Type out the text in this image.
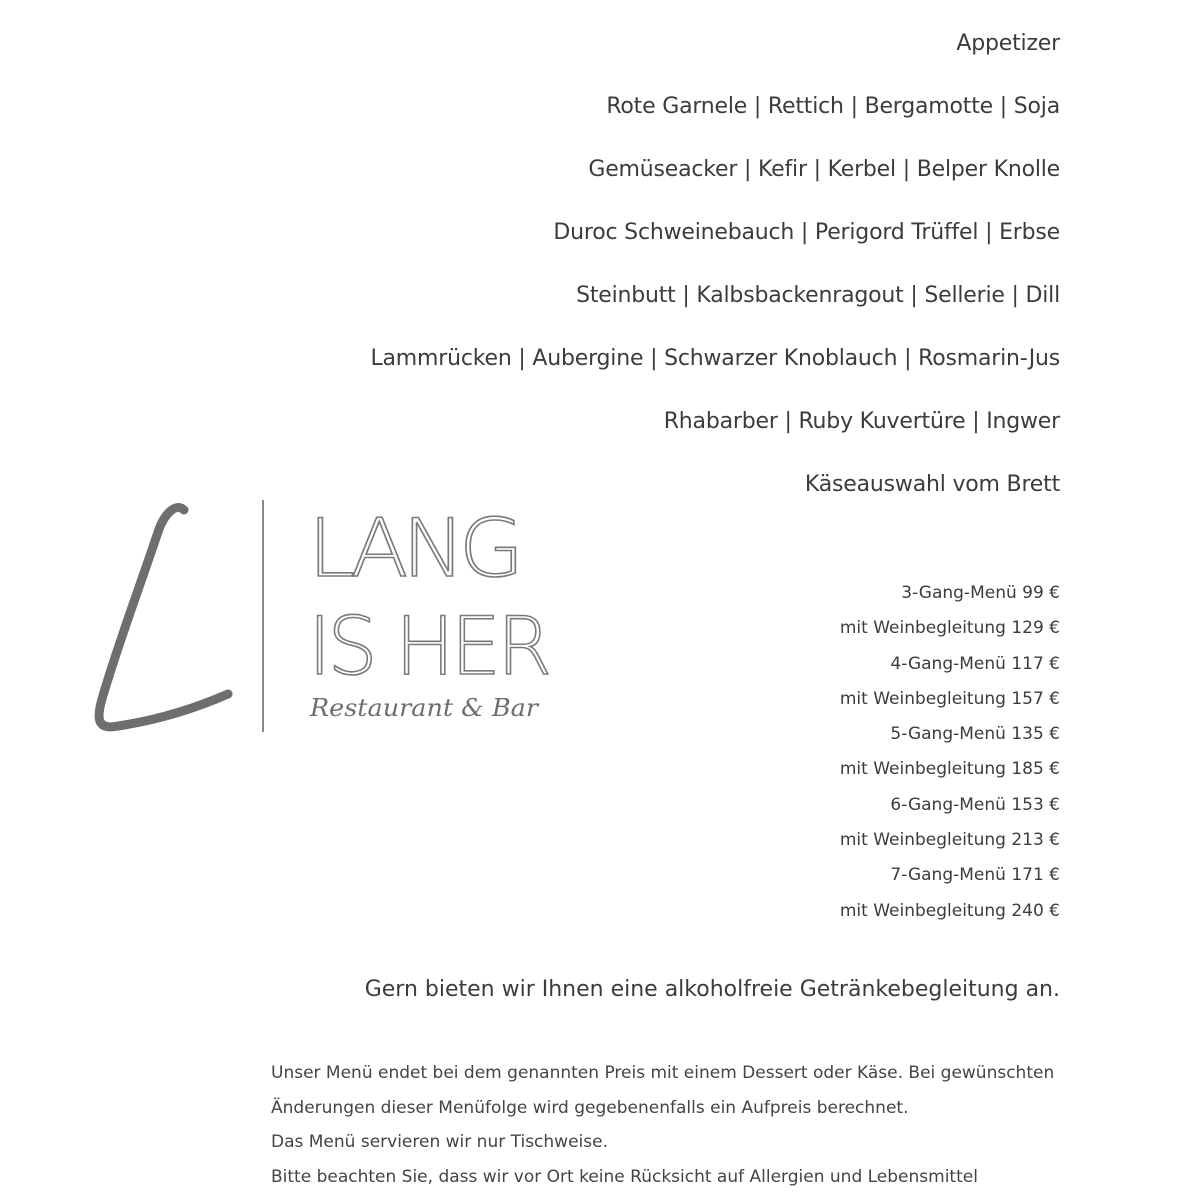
Appetizer
Rote Garnele | Rettich | Bergamotte | Soja
Gemüseacker | Kefir | Kerbel | Belper Knolle
Duroc Schweinebauch | Perigord Trüffel | Erbse
Steinbutt | Kalbsbackenragout | Sellerie | Dill
Lammrücken | Aubergine | Schwarzer Knoblauch | Rosmarin-Jus
Rhabarber | Ruby Kuvertüre | Ingwer
Käseauswahl vom Brett
LANG
IS HER
Restaurant & Bar
3-Gang-Menü 99 €
mit Weinbegleitung 129 €
4-Gang-Menü 117 €
mit Weinbegleitung 157 €
5-Gang-Menü 135 €
mit Weinbegleitung 185 €
6-Gang-Menü 153 €
mit Weinbegleitung 213 €
7-Gang-Menü 171 €
mit Weinbegleitung 240 €
Gern bieten wir Ihnen eine alkoholfreie Getränkebegleitung an.
Unser Menü endet bei dem genannten Preis mit einem Dessert oder Käse. Bei gewünschten
Änderungen dieser Menüfolge wird gegebenenfalls ein Aufpreis berechnet.
Das Menü servieren wir nur Tischweise.
Bitte beachten Sie, dass wir vor Ort keine Rücksicht auf Allergien und Lebensmittel
